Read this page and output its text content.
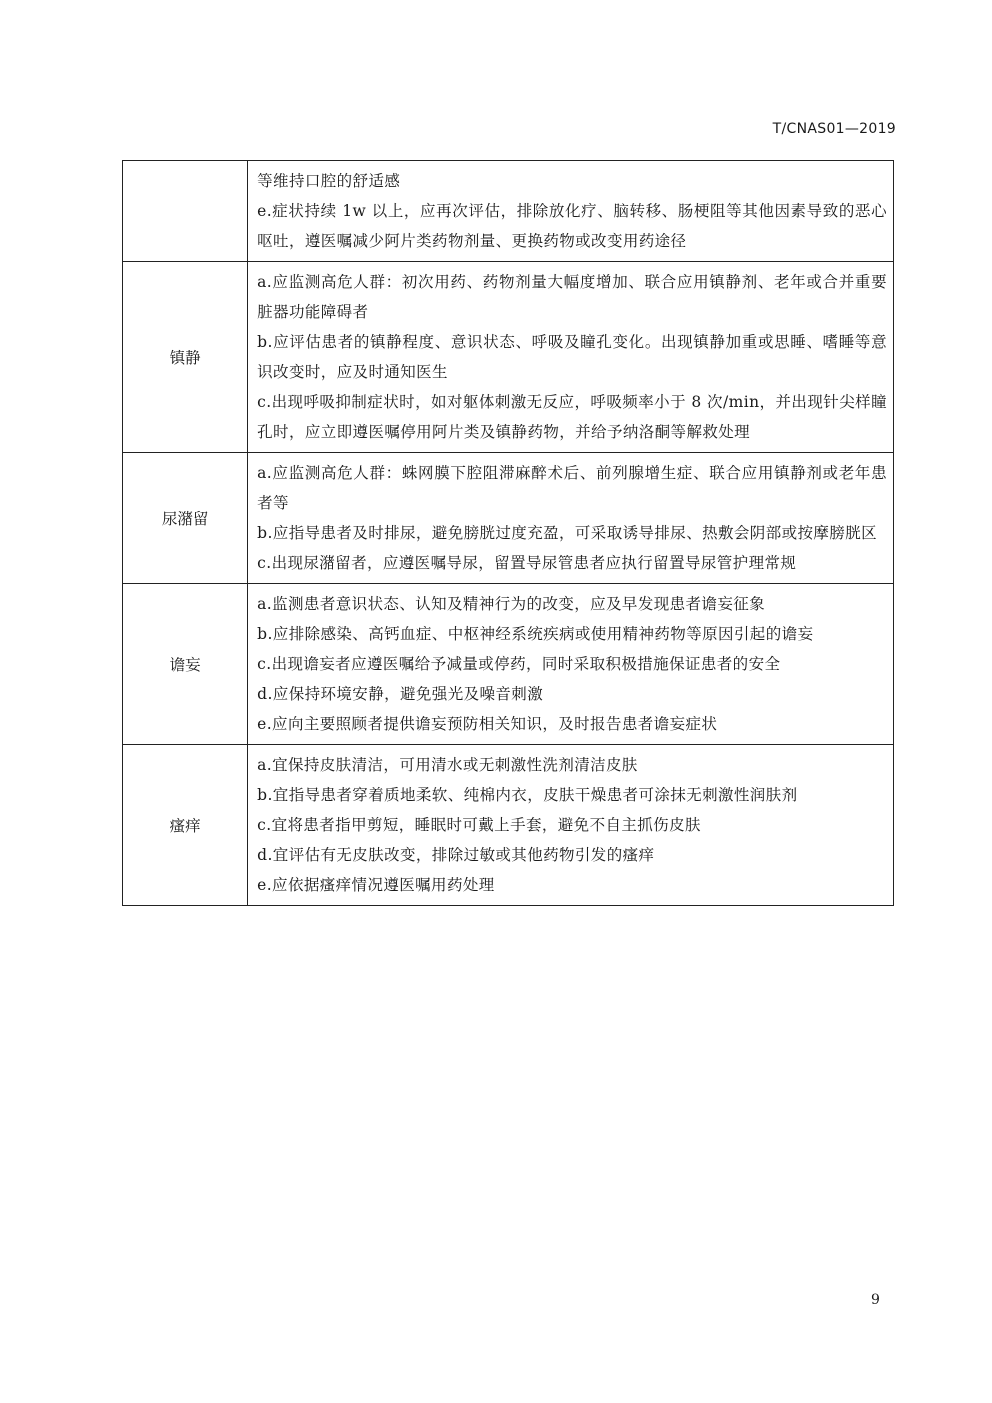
T/CNAS01—2019

	等维持口腔的舒适感

e.症状持续 1w 以上，应再次评估，排除放化疗、脑转移、肠梗阻等其他因素导致的恶心呕吐，遵医嘱减少阿片类药物剂量、更换药物或改变用药途径

镇静	a.应监测高危人群：初次用药、药物剂量大幅度增加、联合应用镇静剂、老年或合并重要脏器功能障碍者

b.应评估患者的镇静程度、意识状态、呼吸及瞳孔变化。出现镇静加重或思睡、嗜睡等意识改变时，应及时通知医生

c.出现呼吸抑制症状时，如对躯体刺激无反应，呼吸频率小于 8 次/min，并出现针尖样瞳孔时，应立即遵医嘱停用阿片类及镇静药物，并给予纳洛酮等解救处理

尿潴留	a.应监测高危人群：蛛网膜下腔阻滞麻醉术后、前列腺增生症、联合应用镇静剂或老年患者等

b.应指导患者及时排尿，避免膀胱过度充盈，可采取诱导排尿、热敷会阴部或按摩膀胱区

c.出现尿潴留者，应遵医嘱导尿，留置导尿管患者应执行留置导尿管护理常规

谵妄	a.监测患者意识状态、认知及精神行为的改变，应及早发现患者谵妄征象

b.应排除感染、高钙血症、中枢神经系统疾病或使用精神药物等原因引起的谵妄

c.出现谵妄者应遵医嘱给予减量或停药，同时采取积极措施保证患者的安全

d.应保持环境安静，避免强光及噪音刺激

e.应向主要照顾者提供谵妄预防相关知识，及时报告患者谵妄症状

瘙痒	a.宜保持皮肤清洁，可用清水或无刺激性洗剂清洁皮肤

b.宜指导患者穿着质地柔软、纯棉内衣，皮肤干燥患者可涂抹无刺激性润肤剂

c.宜将患者指甲剪短，睡眠时可戴上手套，避免不自主抓伤皮肤

d.宜评估有无皮肤改变，排除过敏或其他药物引发的瘙痒

e.应依据瘙痒情况遵医嘱用药处理

9
